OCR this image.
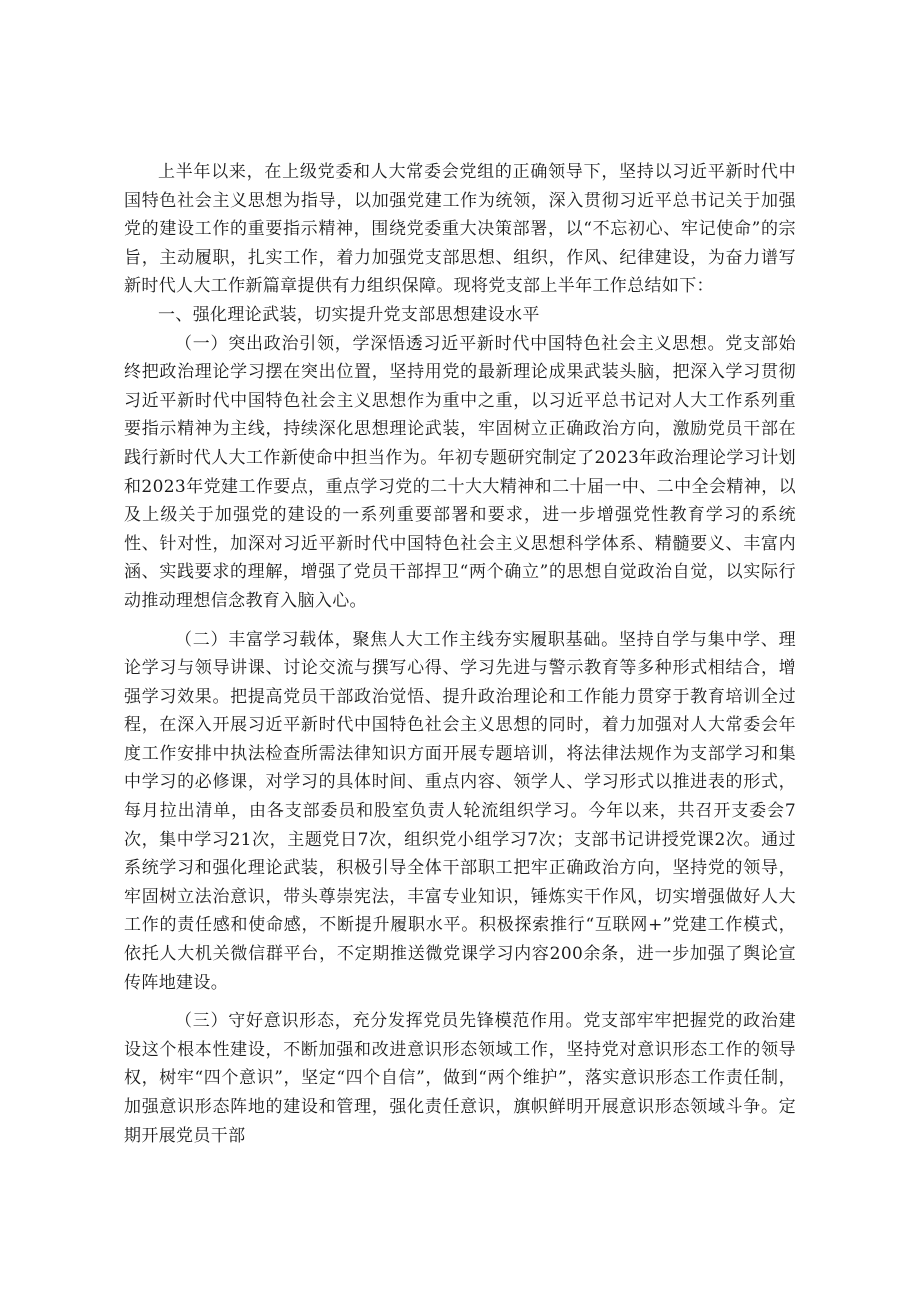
上半年以来，在上级党委和人大常委会党组的正确领导下，坚持以习近平新时代中国特色社会主义思想为指导，以加强党建工作为统领，深入贯彻习近平总书记关于加强党的建设工作的重要指示精神，围绕党委重大决策部署，以“不忘初心、牢记使命”的宗旨，主动履职，扎实工作，着力加强党支部思想、组织，作风、纪律建设，为奋力谱写新时代人大工作新篇章提供有力组织保障。现将党支部上半年工作总结如下：

一、强化理论武装，切实提升党支部思想建设水平

（一）突出政治引领，学深悟透习近平新时代中国特色社会主义思想。党支部始终把政治理论学习摆在突出位置，坚持用党的最新理论成果武装头脑，把深入学习贯彻习近平新时代中国特色社会主义思想作为重中之重，以习近平总书记对人大工作系列重要指示精神为主线，持续深化思想理论武装，牢固树立正确政治方向，激励党员干部在践行新时代人大工作新使命中担当作为。年初专题研究制定了2023年政治理论学习计划和2023年党建工作要点，重点学习党的二十大大精神和二十届一中、二中全会精神，以及上级关于加强党的建设的一系列重要部署和要求，进一步增强党性教育学习的系统性、针对性，加深对习近平新时代中国特色社会主义思想科学体系、精髓要义、丰富内涵、实践要求的理解，增强了党员干部捍卫“两个确立”的思想自觉政治自觉，以实际行动推动理想信念教育入脑入心。

（二）丰富学习载体，聚焦人大工作主线夯实履职基础。坚持自学与集中学、理论学习与领导讲课、讨论交流与撰写心得、学习先进与警示教育等多种形式相结合，增强学习效果。把提高党员干部政治觉悟、提升政治理论和工作能力贯穿于教育培训全过程，在深入开展习近平新时代中国特色社会主义思想的同时，着力加强对人大常委会年度工作安排中执法检查所需法律知识方面开展专题培训，将法律法规作为支部学习和集中学习的必修课，对学习的具体时间、重点内容、领学人、学习形式以推进表的形式，每月拉出清单，由各支部委员和股室负责人轮流组织学习。今年以来，共召开支委会7次，集中学习21次，主题党日7次，组织党小组学习7次；支部书记讲授党课2次。通过系统学习和强化理论武装，积极引导全体干部职工把牢正确政治方向，坚持党的领导，牢固树立法治意识，带头尊崇宪法，丰富专业知识，锤炼实干作风，切实增强做好人大工作的责任感和使命感，不断提升履职水平。积极探索推行“互联网+”党建工作模式，依托人大机关微信群平台，不定期推送微党课学习内容200余条，进一步加强了舆论宣传阵地建设。

（三）守好意识形态，充分发挥党员先锋模范作用。党支部牢牢把握党的政治建设这个根本性建设，不断加强和改进意识形态领域工作，坚持党对意识形态工作的领导权，树牢“四个意识”，坚定“四个自信”，做到“两个维护”，落实意识形态工作责任制，加强意识形态阵地的建设和管理，强化责任意识，旗帜鲜明开展意识形态领域斗争。定期开展党员干部
